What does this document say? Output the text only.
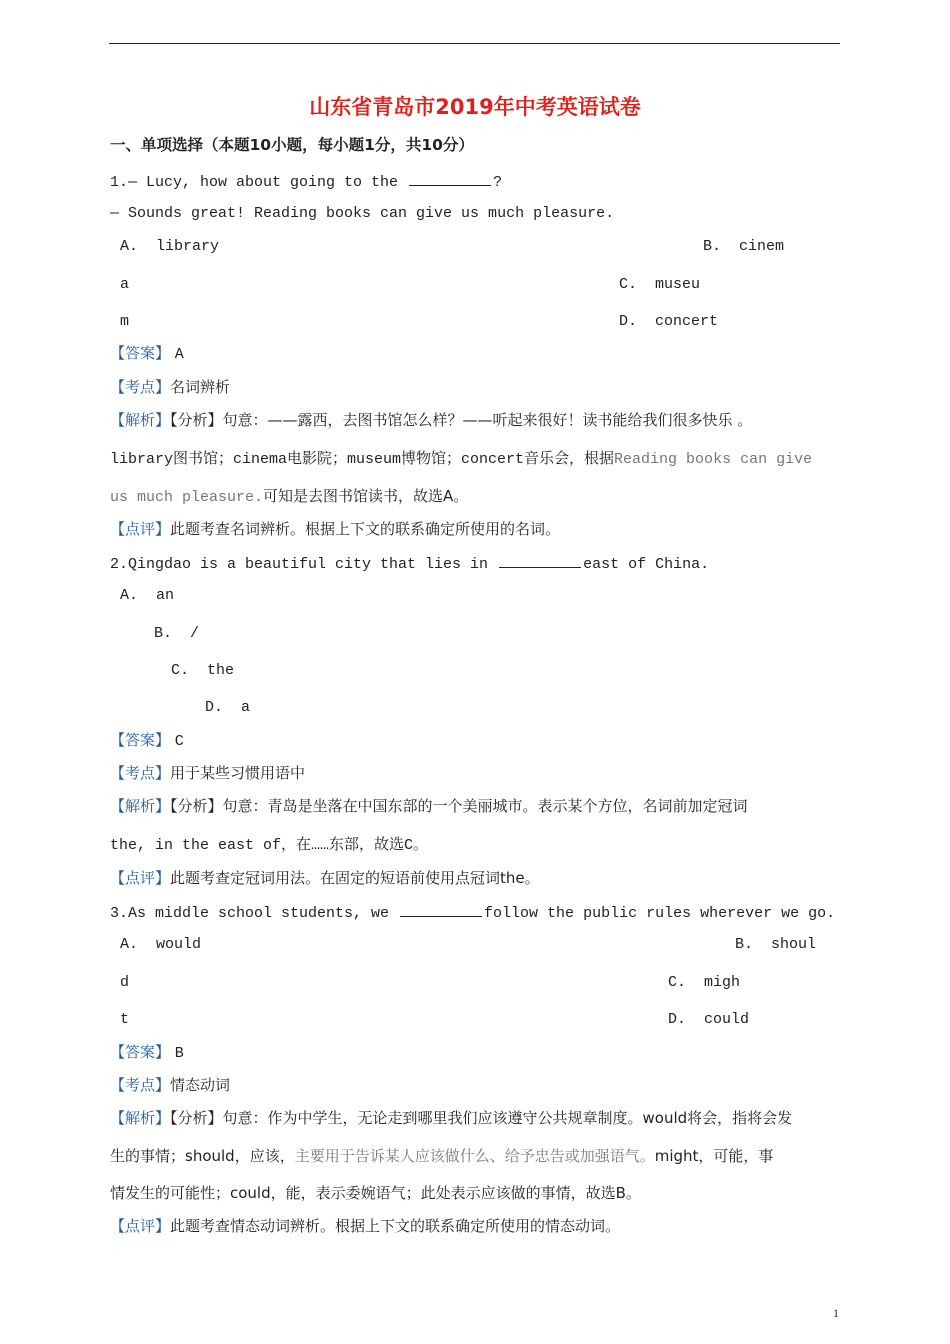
山东省青岛市2019年中考英语试卷
一、单项选择（本题10小题，每小题1分，共10分）
1.— Lucy, how about going to the	?
— Sounds great! Reading books can give us much pleasure.
A.  library	B.  cinem
a	C.  museu
m	D.  concert
【答案】 A
【考点】名词辨析
【解析】【分析】句意：——露西，去图书馆怎么样？——听起来很好！读书能给我们很多快乐 。
library图书馆；cinema电影院；museum博物馆；concert音乐会，根据Reading books can give
us much pleasure.可知是去图书馆读书，故选A。
【点评】此题考查名词辨析。根据上下文的联系确定所使用的名词。
2.Qingdao is a beautiful city that lies in	east of China.
A.  an
B.  /
C.  the
D.  a
【答案】 C
【考点】用于某些习惯用语中
【解析】【分析】句意：青岛是坐落在中国东部的一个美丽城市。表示某个方位，名词前加定冠词
the, in the east of，在……东部，故选C。
【点评】此题考查定冠词用法。在固定的短语前使用点冠词the。
3.As middle school students, we	follow the public rules wherever we go.
A.  would	B.  shoul
d	C.  migh
t	D.  could
【答案】 B
【考点】情态动词
【解析】【分析】句意：作为中学生，无论走到哪里我们应该遵守公共规章制度。would将会，指将会发
生的事情；should，应该，主要用于告诉某人应该做什么、给予忠告或加强语气。might，可能，事
情发生的可能性；could，能，表示委婉语气；此处表示应该做的事情，故选B。
【点评】此题考查情态动词辨析。根据上下文的联系确定所使用的情态动词。
1
